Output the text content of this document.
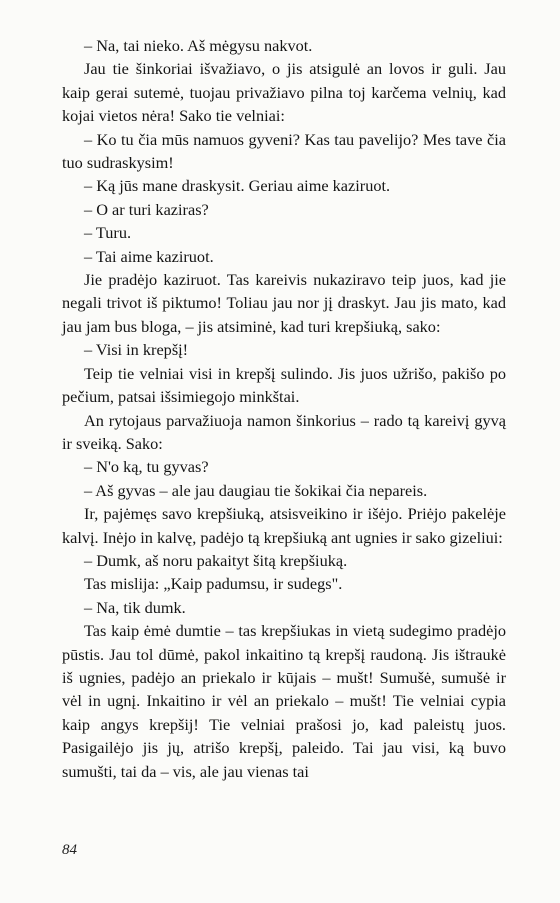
– Na, tai nieko. Aš mėgysu nakvot.

Jau tie šinkoriai išvažiavo, o jis atsigulė an lovos ir guli. Jau kaip gerai sutemė, tuojau privažiavo pilna toj karčema velnių, kad kojai vietos nėra! Sako tie velniai:

– Ko tu čia mūs namuos gyveni? Kas tau pavelijo? Mes tave čia tuo sudraskysim!

– Ką jūs mane draskysit. Geriau aime kaziruot.

– O ar turi kaziras?

– Turu.

– Tai aime kaziruot.

Jie pradėjo kaziruot. Tas kareivis nukaziravo teip juos, kad jie negali trivot iš piktumo! Toliau jau nor jį draskyt. Jau jis mato, kad jau jam bus bloga, – jis atsiminė, kad turi krepšiuką, sako:

– Visi in krepšį!

Teip tie velniai visi in krepšį sulindo. Jis juos užrišo, pakišo po pečium, patsai išsimiegojo minkštai.

An rytojaus parvažiuoja namon šinkorius – rado tą kareivį gyvą ir sveiką. Sako:

– N'o ką, tu gyvas?

– Aš gyvas – ale jau daugiau tie šokikai čia nepareis.

Ir, pajėmęs savo krepšiuką, atsisveikino ir išėjo. Priėjo pakelėje kalvį. Inėjo in kalvę, padėjo tą krepšiuką ant ugnies ir sako gizeliui:

– Dumk, aš noru pakaityt šitą krepšiuką.

Tas mislija: „Kaip padumsu, ir sudegs".

– Na, tik dumk.

Tas kaip ėmė dumtie – tas krepšiukas in vietą sudegimo pradėjo pūstis. Jau tol dūmė, pakol inkaitino tą krepšį raudoną. Jis ištraukė iš ugnies, padėjo an priekalo ir kūjais – mušt! Sumušė, sumušė ir vėl in ugnį. Inkaitino ir vėl an priekalo – mušt! Tie velniai cypia kaip angys krepšij! Tie velniai prašosi jo, kad paleistų juos. Pasigailėjo jis jų, atrišo krepšį, paleido. Tai jau visi, ką buvo sumušti, tai da – vis, ale jau vienas tai

84
